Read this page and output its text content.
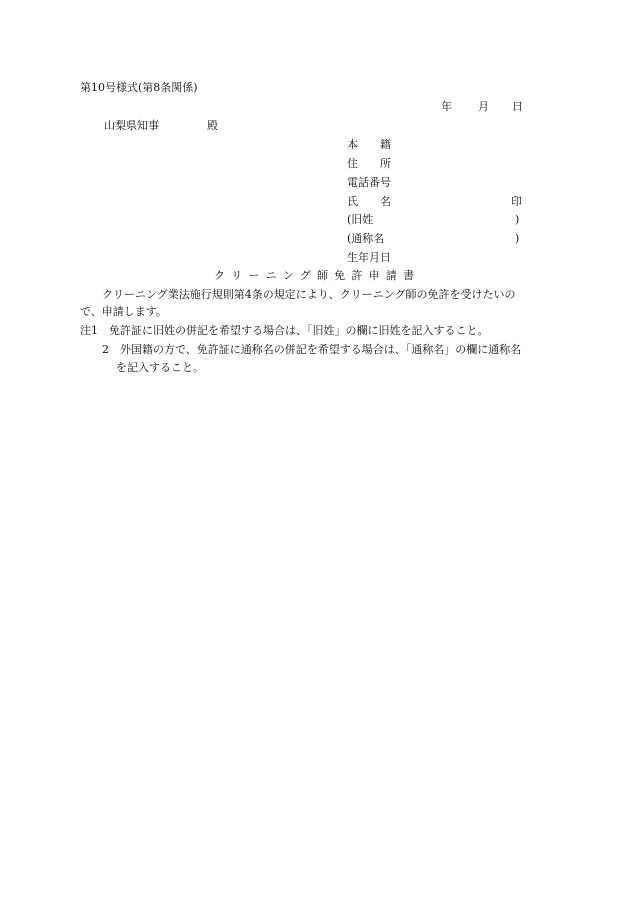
第10号様式(第8条関係)
年 月 日
山梨県知事	殿
本　　籍
住　　所
電話番号
氏　　名	印
(旧姓	)
(通称名	)
生年月日
クリーニング師免許申請書
クリーニング業法施行規則第4条の規定により、クリーニング師の免許を受けたいの
で、申請します。
注1　免許証に旧姓の併記を希望する場合は、「旧姓」の欄に旧姓を記入すること。
2　外国籍の方で、免許証に通称名の併記を希望する場合は、「通称名」の欄に通称名
を記入すること。
